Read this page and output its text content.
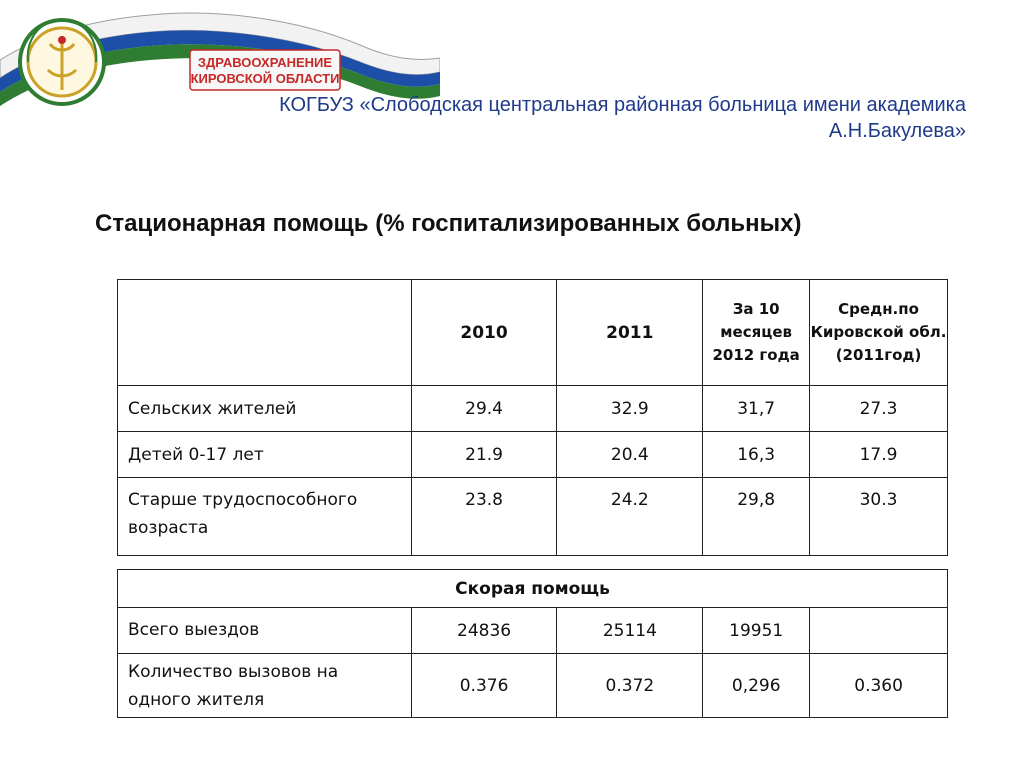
ЗДРАВООХРАНЕНИЕ
КИРОВСКОЙ ОБЛАСТИ
КОГБУЗ «Слободская центральная районная больница имени академика
А.Н.Бакулева»
Стационарная помощь (% госпитализированных больных)
	2010	2011	За 10 месяцев 2012 года	Средн.по Кировской обл. (2011год)
Сельских жителей	29.4	32.9	31,7	27.3
Детей 0-17 лет	21.9	20.4	16,3	17.9
Старше трудоспособного возраста	23.8	24.2	29,8	30.3
Скорая помощь				
Всего выездов	24836	25114	19951	
Количество вызовов на одного жителя	0.376	0.372	0,296	0.360
